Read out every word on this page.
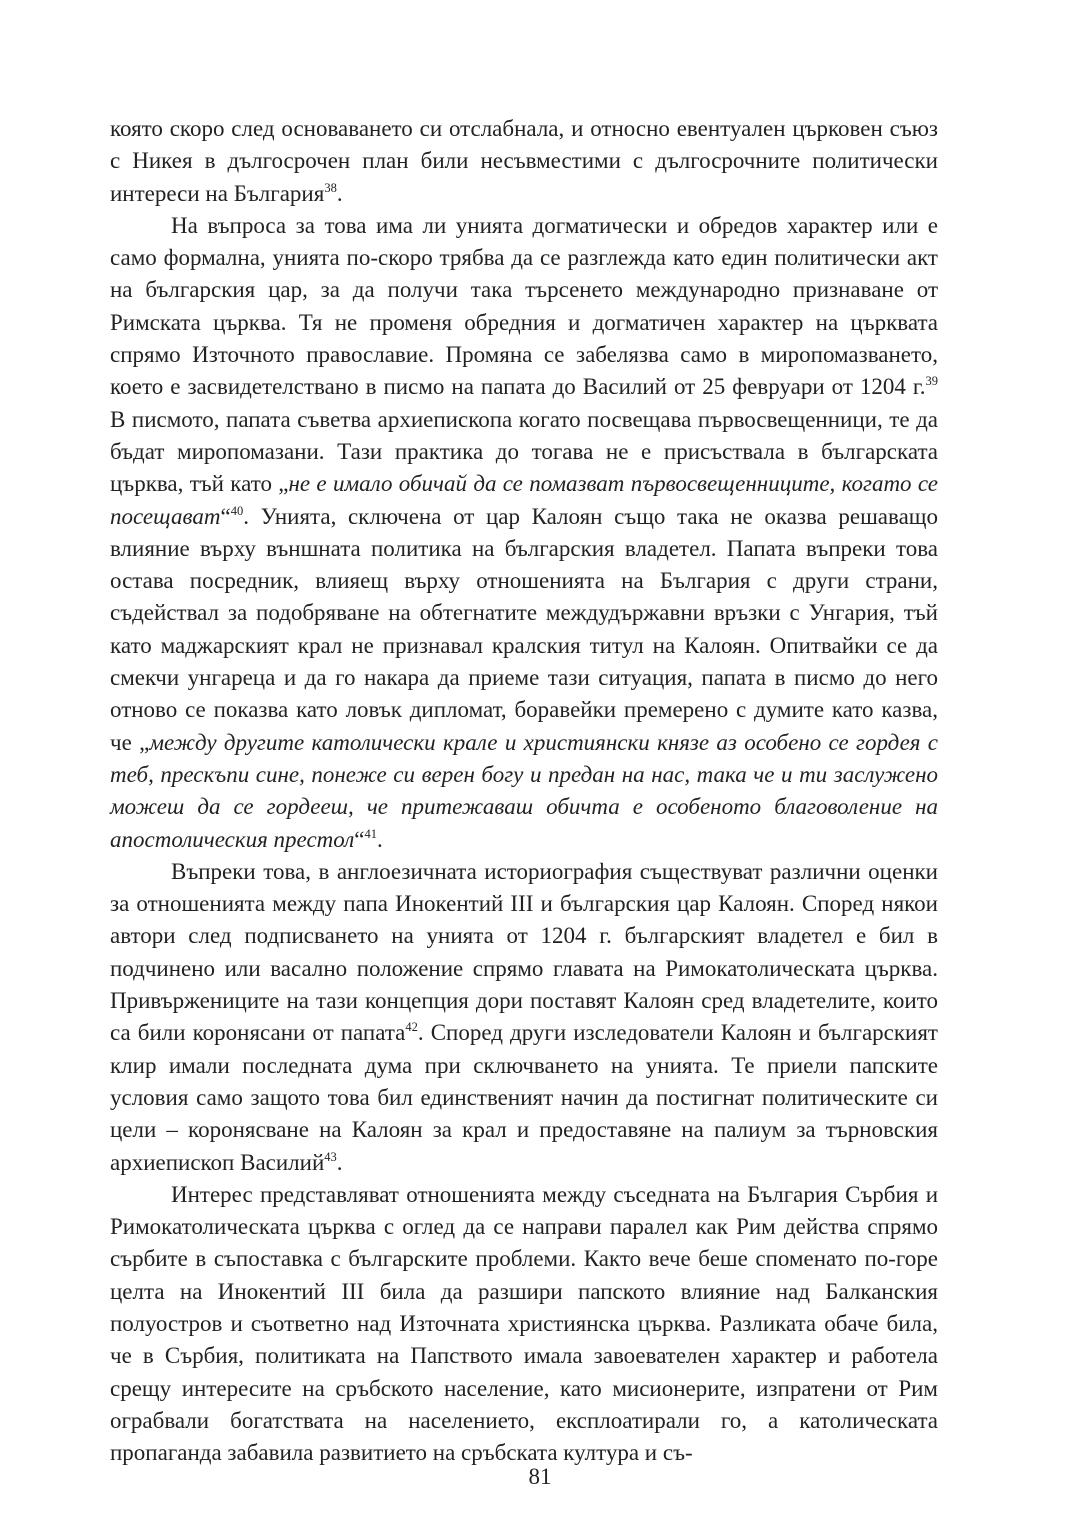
която скоро след основаването си отслабнала, и относно евентуален църковен съюз с Никея в дългосрочен план били несъвместими с дългосрочните политически интереси на България$^{38}$.

На въпроса за това има ли унията догматически и обредов характер или е само формална, унията по-скоро трябва да се разглежда като един политически акт на българския цар, за да получи така търсенето международно признаване от Римската църква. Тя не променя обредния и догматичен характер на църквата спрямо Източното православие. Промяна се забелязва само в миропомазването, което е засвидетелствано в писмо на папата до Василий от 25 февруари от 1204 г.$^{39}$ В писмото, папата съветва архиепископа когато посвещава първосвещенници, те да бъдат миропомазани. Тази практика до тогава не е присъствала в българската църква, тъй като „не е имало обичай да се помазват първосвещенниците, когато се посещават“$^{40}$. Унията, сключена от цар Калоян също така не оказва решаващо влияние върху външната политика на българския владетел. Папата въпреки това остава посредник, влияещ върху отношенията на България с други страни, съдействал за подобряване на обтегнатите междудържавни връзки с Унгария, тъй като маджарският крал не признавал кралския титул на Калоян. Опитвайки се да смекчи унгареца и да го накара да приеме тази ситуация, папата в писмо до него отново се показва като ловък дипломат, боравейки премерено с думите като казва, че „между другите католически крале и християнски князе аз особено се гордея с теб, прескъпи сине, понеже си верен богу и предан на нас, така че и ти заслужено можеш да се гордееш, че притежаваш обичта е особеното благоволение на апостолическия престол“$^{41}$.

Въпреки това, в англоезичната историография съществуват различни оценки за отношенията между папа Инокентий III и българския цар Калоян. Според някои автори след подписването на унията от 1204 г. българският владетел е бил в подчинено или васално положение спрямо главата на Римокатолическата църква. Привържениците на тази концепция дори поставят Калоян сред владетелите, които са били коронясани от папата$^{42}$. Според други изследователи Калоян и българският клир имали последната дума при сключването на унията. Те приели папските условия само защото това бил единственият начин да постигнат политическите си цели – коронясване на Калоян за крал и предоставяне на палиум за търновския архиепископ Василий$^{43}$.

Интерес представляват отношенията между съседната на България Сърбия и Римокатолическата църква с оглед да се направи паралел как Рим действа спрямо сърбите в съпоставка с българските проблеми. Както вече беше споменато по-горе целта на Инокентий III била да разшири папското влияние над Балканския полуостров и съответно над Източната християнска църква. Разликата обаче била, че в Сърбия, политиката на Папството имала завоевателен характер и работела срещу интересите на сръбското население, като мисионерите, изпратени от Рим ограбвали богатствата на населението, експлоатирали го, а католическата пропаганда забавила развитието на сръбската култура и съ-

81
